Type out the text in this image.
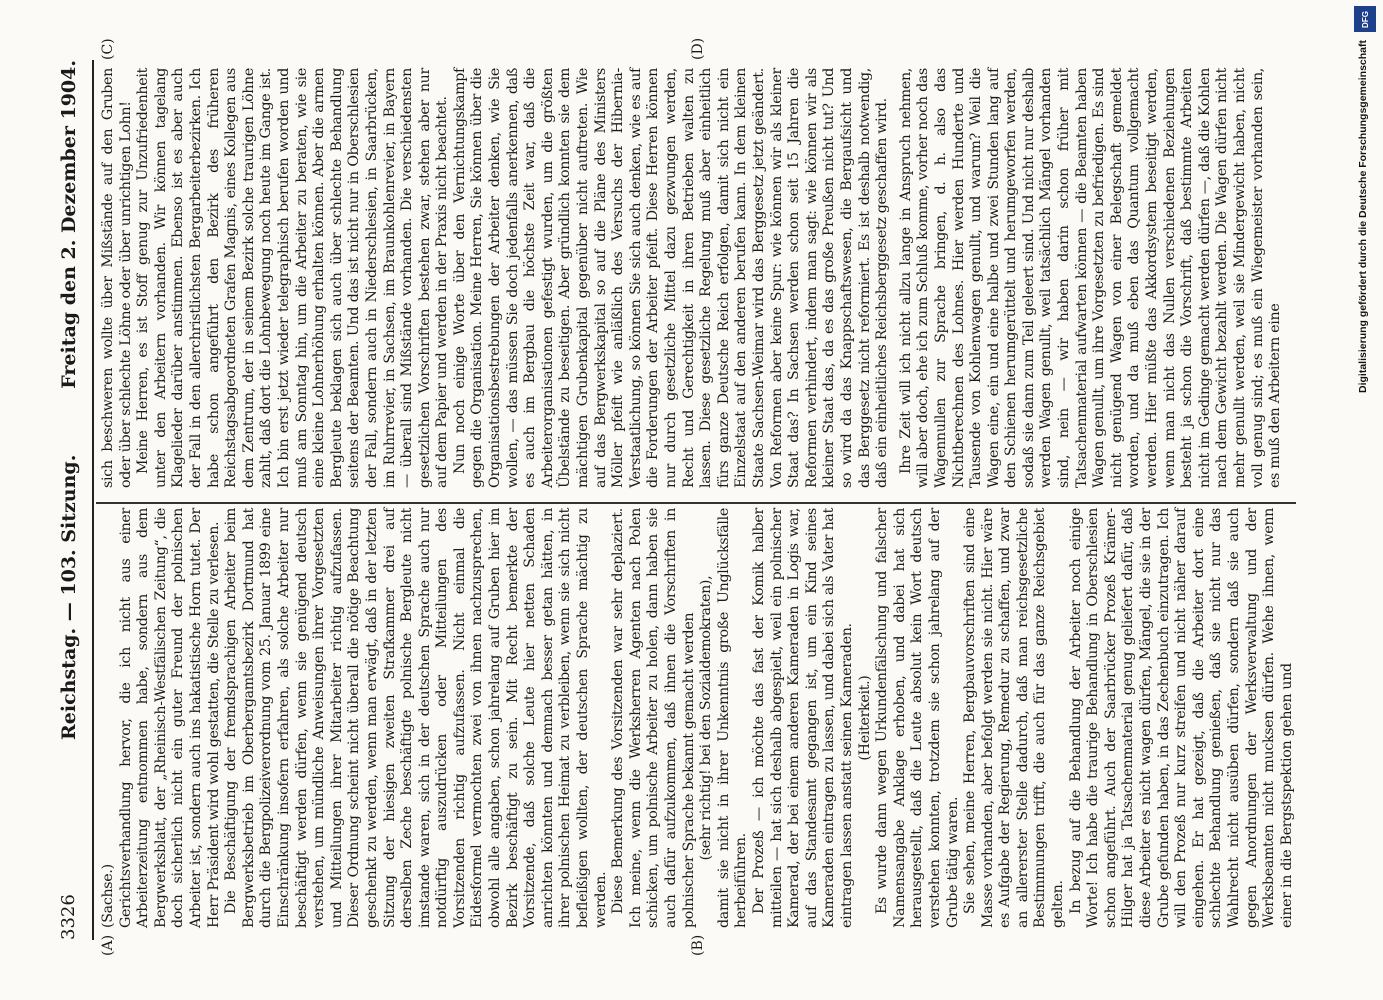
3326
Reichstag. — 103. Sitzung.
Freitag den 2. Dezember 1904.
(A)	(B)
(C)	(D)

(Sachse.) Gerichtsverhandlung hervor, die ich nicht aus einer Arbeiterzeitung entnommen habe, sondern aus dem Bergwerksblatt, der „Rheinisch-Westfälischen Zeitung“, die doch sicherlich nicht ein guter Freund der polnischen Arbeiter ist, sondern auch ins hakatistische Horn tutet. Der Herr Präsident wird wohl gestatten, die Stelle zu verlesen. Die Beschäftigung der fremdsprachigen Arbeiter beim Bergwerksbetrieb im Oberbergamtsbezirk Dortmund hat durch die Bergpolizeiverordnung vom 25. Januar 1899 eine Einschränkung insofern erfahren, als solche Arbeiter nur beschäftigt werden dürfen, wenn sie genügend deutsch verstehen, um mündliche Anweisungen ihrer Vorgesetzten und Mitteilungen ihrer Mitarbeiter richtig aufzufassen. Dieser Ordnung scheint nicht überall die nötige Beachtung geschenkt zu werden, wenn man erwägt, daß in der letzten Sitzung der hiesigen zweiten Strafkammer drei auf derselben Zeche beschäftigte polnische Bergleute nicht imstande waren, sich in der deutschen Sprache auch nur notdürftig auszudrücken oder Mitteilungen des Vorsitzenden richtig aufzufassen. Nicht einmal die Eidesformel vermochten zwei von ihnen nachzusprechen, obwohl alle angaben, schon jahrelang auf Gruben hier im Bezirk beschäftigt zu sein. Mit Recht bemerkte der Vorsitzende, daß solche Leute hier netten Schaden anrichten könnten und demnach besser getan hätten, in ihrer polnischen Heimat zu verbleiben, wenn sie sich nicht befleißigen wollten, der deutschen Sprache mächtig zu werden. Diese Bemerkung des Vorsitzenden war sehr deplaziert. Ich meine, wenn die Werksherren Agenten nach Polen schicken, um polnische Arbeiter zu holen, dann haben sie auch dafür aufzukommen, daß ihnen die Vorschriften in polnischer Sprache bekannt gemacht werden (sehr richtig! bei den Sozialdemokraten), damit sie nicht in ihrer Unkenntnis große Unglücksfälle herbeiführen. Der Prozeß — ich möchte das fast der Komik halber mitteilen — hat sich deshalb abgespielt, weil ein polnischer Kamerad, der bei einem anderen Kameraden in Logis war, auf das Standesamt gegangen ist, um ein Kind seines Kameraden eintragen zu lassen, und dabei sich als Vater hat eintragen lassen anstatt seinen Kameraden. (Heiterkeit.) Es wurde dann wegen Urkundenfälschung und falscher Namensangabe Anklage erhoben, und dabei hat sich herausgestellt, daß die Leute absolut kein Wort deutsch verstehen konnten, trotzdem sie schon jahrelang auf der Grube tätig waren. Sie sehen, meine Herren, Bergbauvorschriften sind eine Masse vorhanden, aber befolgt werden sie nicht. Hier wäre es Aufgabe der Regierung, Remedur zu schaffen, und zwar an allererster Stelle dadurch, daß man reichsgesetzliche Bestimmungen trifft, die auch für das ganze Reichsgebiet gelten. In bezug auf die Behandlung der Arbeiter noch einige Worte! Ich habe die traurige Behandlung in Oberschlesien schon angeführt. Auch der Saarbrücker Prozeß Krämer-Hilger hat ja Tatsachenmaterial genug geliefert dafür, daß diese Arbeiter es nicht wagen dürfen, Mängel, die sie in der Grube gefunden haben, in das Zechenbuch einzutragen. Ich will den Prozeß nur kurz streifen und nicht näher darauf eingehen. Er hat gezeigt, daß die Arbeiter dort eine schlechte Behandlung genießen, daß sie nicht nur das Wahlrecht nicht ausüben dürfen, sondern daß sie auch gegen Anordnungen der Werksverwaltung und der Werksbeamten nicht mucksen dürfen. Wehe ihnen, wenn einer in die Bergstspektion gehen und

sich beschweren wollte über Mißstände auf den Gruben oder über schlechte Löhne oder über unrichtigen Lohn! Meine Herren, es ist Stoff genug zur Unzufriedenheit unter den Arbeitern vorhanden. Wir können tagelang Klagelieder darüber anstimmen. Ebenso ist es aber auch der Fall in den allerchristlichsten Bergarbeiterbezirken. Ich habe schon angeführt den Bezirk des früheren Reichstagsabgeordneten Grafen Magnis, eines Kollegen aus dem Zentrum, der in seinem Bezirk solche traurigen Löhne zahlt, daß dort die Lohnbewegung noch heute im Gange ist. Ich bin erst jetzt wieder telegraphisch berufen worden und muß am Sonntag hin, um die Arbeiter zu beraten, wie sie eine kleine Lohnerhöhung erhalten können. Aber die armen Bergleute beklagen sich auch über schlechte Behandlung seitens der Beamten. Und das ist nicht nur in Oberschlesien der Fall, sondern auch in Niederschlesien, in Saarbrücken, im Ruhrrevier, in Sachsen, im Braunkohlenrevier, in Bayern — überall sind Mißstände vorhanden. Die verschiedensten gesetzlichen Vorschriften bestehen zwar, stehen aber nur auf dem Papier und werden in der Praxis nicht beachtet. Nun noch einige Worte über den Vernichtungskampf gegen die Organisation. Meine Herren, Sie können über die Organisationsbestrebungen der Arbeiter denken, wie Sie wollen, — das müssen Sie doch jedenfalls anerkennen, daß es auch im Bergbau die höchste Zeit war, daß die Arbeiterorganisationen gefestigt wurden, um die größten Übelstände zu beseitigen. Aber gründlich konnten sie dem mächtigen Grubenkapital gegenüber nicht auftreten. Wie auf das Bergwerkskapital so auf die Pläne des Ministers Möller pfeift wie anläßlich des Versuchs der Hibernia-Verstaatlichung, so können Sie sich auch denken, wie es auf die Forderungen der Arbeiter pfeift. Diese Herren können nur durch gesetzliche Mittel dazu gezwungen werden, Recht und Gerechtigkeit in ihren Betrieben walten zu lassen. Diese gesetzliche Regelung muß aber einheitlich fürs ganze Deutsche Reich erfolgen, damit sich nicht ein Einzelstaat auf den anderen berufen kann. In dem kleinen Staate Sachsen-Weimar wird das Berggesetz jetzt geändert. Von Reformen aber keine Spur: wie können wir als kleiner Staat das? In Sachsen werden schon seit 15 Jahren die Reformen verhindert, indem man sagt: wie können wir als kleiner Staat das, da es das große Preußen nicht tut? Und so wird da das Knappschaftswesen, die Bergaufsicht und das Berggesetz nicht reformiert. Es ist deshalb notwendig, daß ein einheitliches Reichsberggesetz geschaffen wird. Ihre Zeit will ich nicht allzu lange in Anspruch nehmen, will aber doch, ehe ich zum Schluß komme, vorher noch das Wagennullen zur Sprache bringen, d. h. also das Nichtberechnen des Lohnes. Hier werden Hunderte und Tausende von Kohlenwagen genullt, und warum? Weil die Wagen eine, ein und eine halbe und zwei Stunden lang auf den Schienen herumgerüttelt und herumgeworfen werden, sodaß sie dann zum Teil geleert sind. Und nicht nur deshalb werden Wagen genullt, weil tatsächlich Mängel vorhanden sind, nein — wir haben darin schon früher mit Tatsachenmaterial aufwarten können — die Beamten haben Wagen genullt, um ihre Vorgesetzten zu befriedigen. Es sind nicht genügend Wagen von einer Belegschaft gemeldet worden, und da muß eben das Quantum vollgemacht werden. Hier müßte das Akkordsystem beseitigt werden, wenn man nicht das Nullen verschiedenen Beziehungen besteht ja schon die Vorschrift, daß bestimmte Arbeiten nicht im Gedinge gemacht werden dürfen —, daß die Kohlen nach dem Gewicht bezahlt werden. Die Wagen dürfen nicht mehr genullt werden, weil sie Mindergewicht haben, nicht voll genug sind; es muß ein Wiegemeister vorhanden sein, es muß den Arbeitern eine

Digitalisierung gefördert durch die Deutsche Forschungsgemeinschaft
DFG
